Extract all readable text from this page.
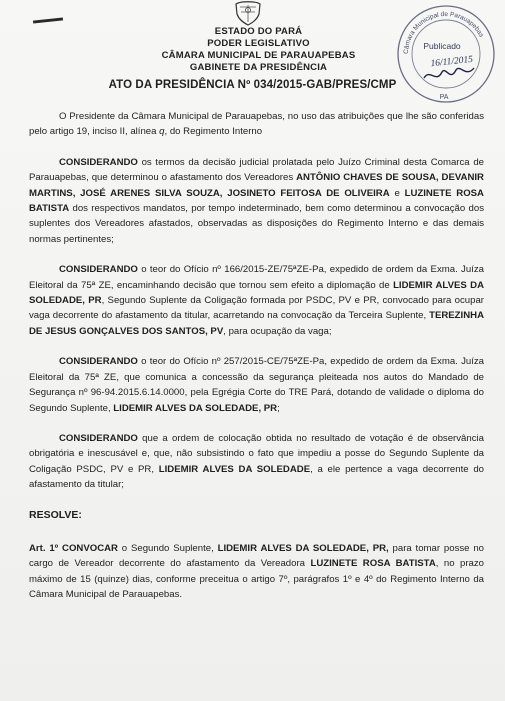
ESTADO DO PARÁ
PODER LEGISLATIVO
CÂMARA MUNICIPAL DE PARAUAPEBAS
GABINETE DA PRESIDÊNCIA
Câmara Municipal de Parauapebas
Publicado
16/11/2015
PA
ATO DA PRESIDÊNCIA Nº 034/2015-GAB/PRES/CMP

O Presidente da Câmara Municipal de Parauapebas, no uso das atribuições que lhe são conferidas pelo artigo 19, inciso II, alínea q, do Regimento Interno

CONSIDERANDO os termos da decisão judicial prolatada pelo Juízo Criminal desta Comarca de Parauapebas, que determinou o afastamento dos Vereadores ANTÔNIO CHAVES DE SOUSA, DEVANIR MARTINS, JOSÉ ARENES SILVA SOUZA, JOSINETO FEITOSA DE OLIVEIRA e LUZINETE ROSA BATISTA dos respectivos mandatos, por tempo indeterminado, bem como determinou a convocação dos suplentes dos Vereadores afastados, observadas as disposições do Regimento Interno e das demais normas pertinentes;

CONSIDERANDO o teor do Ofício nº 166/2015-ZE/75ªZE-Pa, expedido de ordem da Exma. Juíza Eleitoral da 75ª ZE, encaminhando decisão que tornou sem efeito a diplomação de LIDEMIR ALVES DA SOLEDADE, PR, Segundo Suplente da Coligação formada por PSDC, PV e PR, convocado para ocupar vaga decorrente do afastamento da titular, acarretando na convocação da Terceira Suplente, TEREZINHA DE JESUS GONÇALVES DOS SANTOS, PV, para ocupação da vaga;

CONSIDERANDO o teor do Ofício nº 257/2015-CE/75ªZE-Pa, expedido de ordem da Exma. Juíza Eleitoral da 75ª ZE, que comunica a concessão da segurança pleiteada nos autos do Mandado de Segurança nº 96-94.2015.6.14.0000, pela Egrégia Corte do TRE Pará, dotando de validade o diploma do Segundo Suplente, LIDEMIR ALVES DA SOLEDADE, PR;

CONSIDERANDO que a ordem de colocação obtida no resultado de votação é de observância obrigatória e inescusável e, que, não subsistindo o fato que impediu a posse do Segundo Suplente da Coligação PSDC, PV e PR, LIDEMIR ALVES DA SOLEDADE, a ele pertence a vaga decorrente do afastamento da titular;

RESOLVE:

Art. 1º CONVOCAR o Segundo Suplente, LIDEMIR ALVES DA SOLEDADE, PR, para tomar posse no cargo de Vereador decorrente do afastamento da Vereadora LUZINETE ROSA BATISTA, no prazo máximo de 15 (quinze) dias, conforme preceitua o artigo 7º, parágrafos 1º e 4º do Regimento Interno da Câmara Municipal de Parauapebas.
